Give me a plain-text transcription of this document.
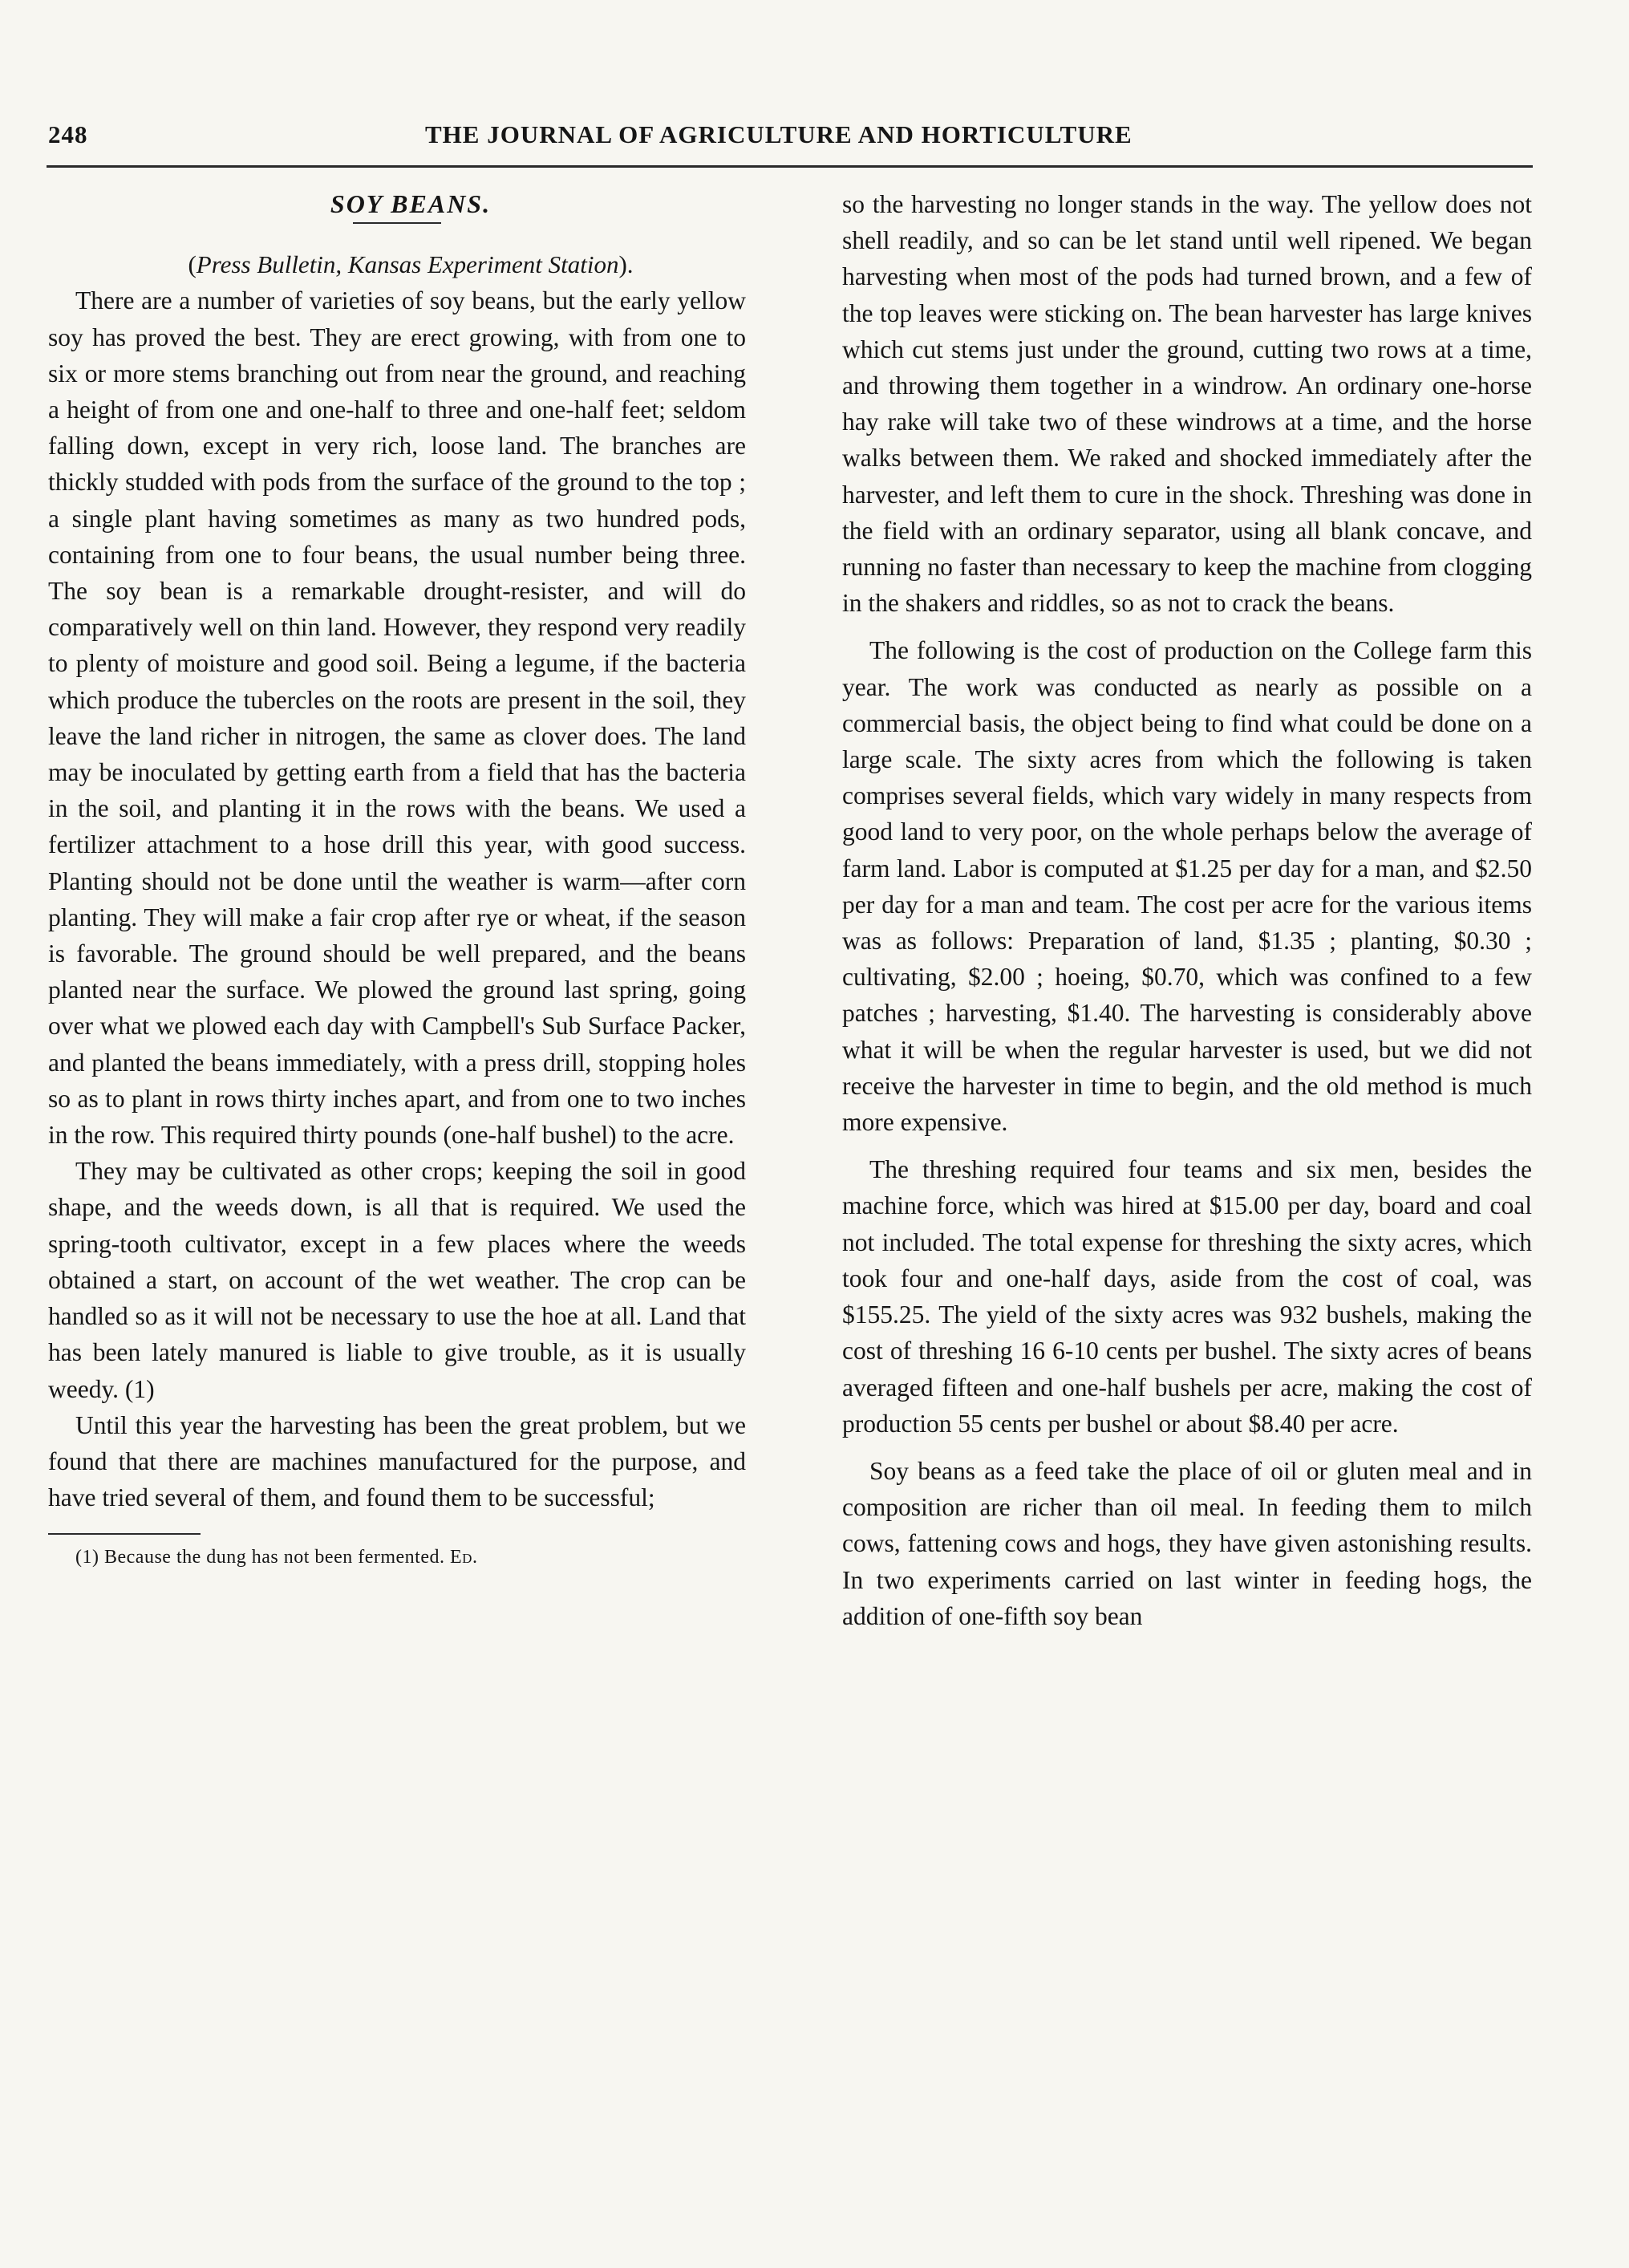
248	THE JOURNAL OF AGRICULTURE AND HORTICULTURE

SOY BEANS.

(Press Bulletin, Kansas Experiment Station).

There are a number of varieties of soy beans, but the early yellow soy has proved the best. They are erect growing, with from one to six or more stems branching out from near the ground, and reaching a height of from one and one-half to three and one-half feet; seldom falling down, except in very rich, loose land. The branches are thickly studded with pods from the surface of the ground to the top ; a single plant having sometimes as many as two hundred pods, containing from one to four beans, the usual number being three. The soy bean is a remarkable drought-resister, and will do comparatively well on thin land. However, they respond very readily to plenty of moisture and good soil. Being a legume, if the bacteria which produce the tubercles on the roots are present in the soil, they leave the land richer in nitrogen, the same as clover does. The land may be inoculated by getting earth from a field that has the bacteria in the soil, and planting it in the rows with the beans. We used a fertilizer attachment to a hose drill this year, with good success. Planting should not be done until the weather is warm—after corn planting. They will make a fair crop after rye or wheat, if the season is favorable. The ground should be well prepared, and the beans planted near the surface. We plowed the ground last spring, going over what we plowed each day with Campbell's Sub Surface Packer, and planted the beans immediately, with a press drill, stopping holes so as to plant in rows thirty inches apart, and from one to two inches in the row. This required thirty pounds (one-half bushel) to the acre.

They may be cultivated as other crops; keeping the soil in good shape, and the weeds down, is all that is required. We used the spring-tooth cultivator, except in a few places where the weeds obtained a start, on account of the wet weather. The crop can be handled so as it will not be necessary to use the hoe at all. Land that has been lately manured is liable to give trouble, as it is usually weedy. (1)

Until this year the harvesting has been the great problem, but we found that there are machines manufactured for the purpose, and have tried several of them, and found them to be successful;

(1) Because the dung has not been fermented. Ed.

so the harvesting no longer stands in the way. The yellow does not shell readily, and so can be let stand until well ripened. We began harvesting when most of the pods had turned brown, and a few of the top leaves were sticking on. The bean harvester has large knives which cut stems just under the ground, cutting two rows at a time, and throwing them together in a windrow. An ordinary one-horse hay rake will take two of these windrows at a time, and the horse walks between them. We raked and shocked immediately after the harvester, and left them to cure in the shock. Threshing was done in the field with an ordinary separator, using all blank concave, and running no faster than necessary to keep the machine from clogging in the shakers and riddles, so as not to crack the beans.

The following is the cost of production on the College farm this year. The work was conducted as nearly as possible on a commercial basis, the object being to find what could be done on a large scale. The sixty acres from which the following is taken comprises several fields, which vary widely in many respects from good land to very poor, on the whole perhaps below the average of farm land. Labor is computed at $1.25 per day for a man, and $2.50 per day for a man and team. The cost per acre for the various items was as follows: Preparation of land, $1.35 ; planting, $0.30 ; cultivating, $2.00 ; hoeing, $0.70, which was confined to a few patches ; harvesting, $1.40. The harvesting is considerably above what it will be when the regular harvester is used, but we did not receive the harvester in time to begin, and the old method is much more expensive.

The threshing required four teams and six men, besides the machine force, which was hired at $15.00 per day, board and coal not included. The total expense for threshing the sixty acres, which took four and one-half days, aside from the cost of coal, was $155.25. The yield of the sixty acres was 932 bushels, making the cost of threshing 16 6-10 cents per bushel. The sixty acres of beans averaged fifteen and one-half bushels per acre, making the cost of production 55 cents per bushel or about $8.40 per acre.

Soy beans as a feed take the place of oil or gluten meal and in composition are richer than oil meal. In feeding them to milch cows, fattening cows and hogs, they have given astonishing results. In two experiments carried on last winter in feeding hogs, the addition of one-fifth soy bean
